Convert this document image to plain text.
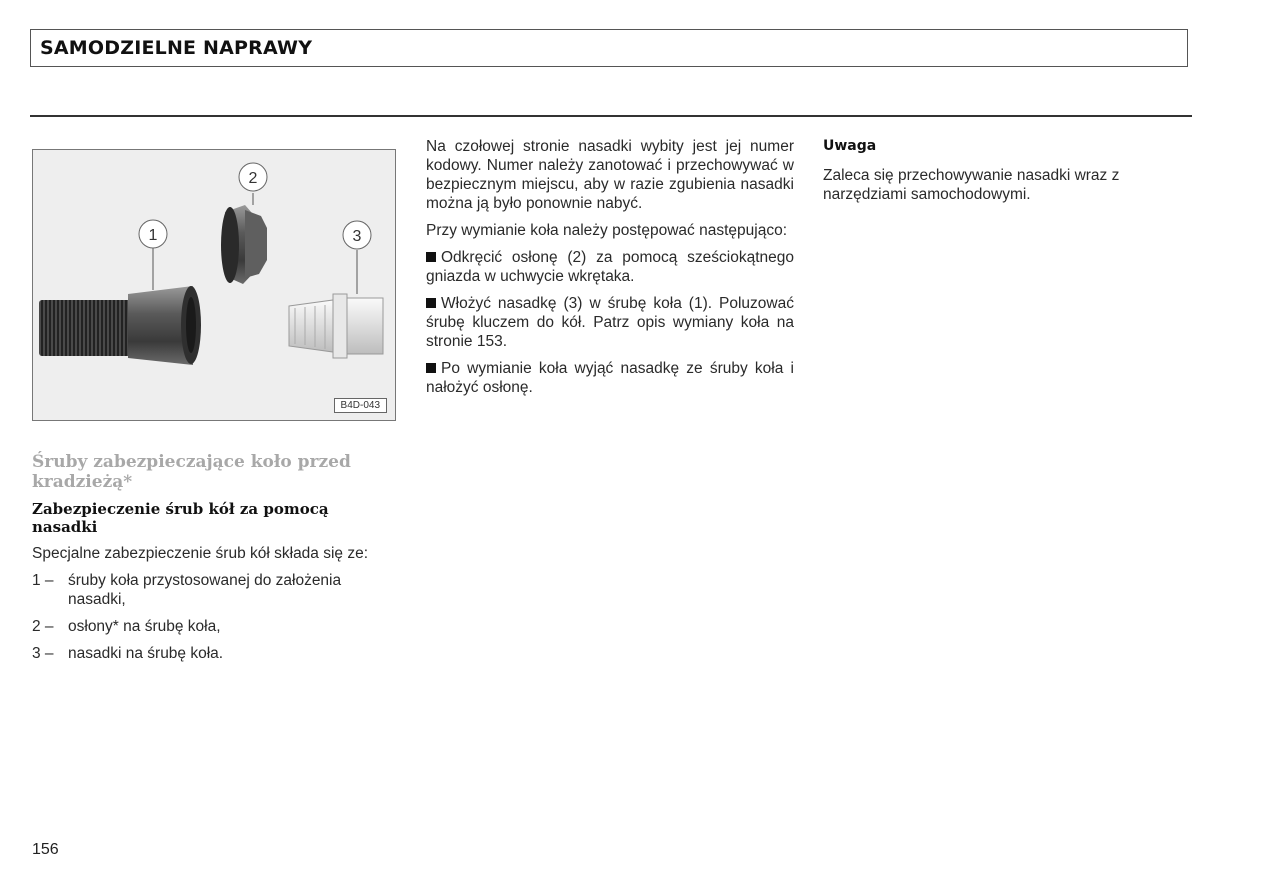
SAMODZIELNE NAPRAWY
1
2
3
B4D-043
Śruby zabezpieczające koło przed kradzieżą*
Zabezpieczenie śrub kół za pomocą nasadki

Specjalne zabezpieczenie śrub kół składa się ze:

1 – śruby koła przystosowanej do założenia nasadki,
2 – osłony* na śrubę koła,
3 – nasadki na śrubę koła.

Na czołowej stronie nasadki wybity jest jej numer kodowy. Numer należy zanotować i przechowywać w bezpiecznym miejscu, aby w razie zgubienia nasadki można ją było ponownie nabyć.

Przy wymianie koła należy postępować następująco:

Odkręcić osłonę (2) za pomocą sześciokątnego gniazda w uchwycie wkrętaka.

Włożyć nasadkę (3) w śrubę koła (1). Poluzować śrubę kluczem do kół. Patrz opis wymiany koła na stronie 153.

Po wymianie koła wyjąć nasadkę ze śruby koła i nałożyć osłonę.

Uwaga

Zaleca się przechowywanie nasadki wraz z narzędziami samochodowymi.

156
